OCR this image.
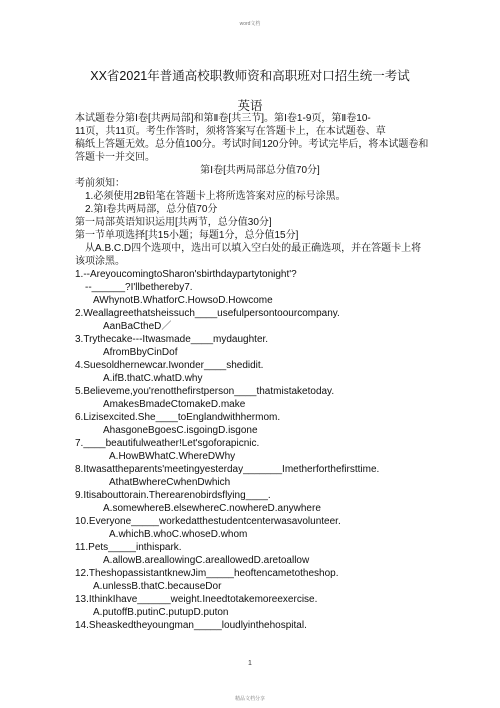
word文档
XX省2021年普通高校职教师资和高职班对口招生统一考试
英语

本试题卷分第Ⅰ卷[共两局部]和第Ⅱ卷[共三节]。第Ⅰ卷1-9页，第Ⅱ卷10-

11页，共11页。考生作答时，须将答案写在答题卡上，在本试题卷、草

稿纸上答题无效。总分值100分。考试时间120分钟。考试完毕后，将本试题卷和

答题卡一并交回。

第Ⅰ卷[共两局部总分值70分]

考前须知：

1.必须使用2B铅笔在答题卡上将所选答案对应的标号涂黑。

2.第Ⅰ卷共两局部，总分值70分

第一局部英语知识运用[共两节，总分值30分]

第一节单项选择[共15小题；每题1分，总分值15分]

从A.B.C.D四个选项中，选出可以填入空白处的最正确选项，并在答题卡上将

该项涂黑。

1.--AreyoucomingtoSharon'sbirthdaypartytonight'?

--______?I'llbethereby7.

AWhynotB.WhatforC.HowsoD.Howcome

2.Weallagreethatsheissuch____usefulpersontoourcompany.

AanBaCtheD／

3.Trythecake---Itwasmade____mydaughter.

AfromBbyCinDof

4.Suesoldhernewcar.Iwonder____shedidit.

A.ifB.thatC.whatD.why

5.Believeme,you'renotthefirstperson____thatmistaketoday.

AmakesBmadeCtomakeD.make

6.Lizisexcited.She____toEnglandwithhermom.

AhasgoneBgoesC.isgoingD.isgone

7.____beautifulweather!Let'sgoforapicnic.

A.HowBWhatC.WhereDWhy

8.Itwasattheparents'meetingyesterday_______Imetherforthefirsttime.

AthatBwhereCwhenDwhich

9.Itisabouttorain.Therearenobirdsflying____.

A.somewhereB.elsewhereC.nowhereD.anywhere

10.Everyone_____workedatthestudentcenterwasavolunteer.

A.whichB.whoC.whoseD.whom

11.Pets_____inthispark.

A.allowB.areallowingC.areallowedD.aretoallow

12.TheshopassistantknewJim_____heoftencametotheshop.

A.unlessB.thatC.becauseDor

13.IthinkIhave______weight.Ineedtotakemoreexercise.

A.putoffB.putinC.putupD.puton

14.Sheaskedtheyoungman_____loudlyinthehospital.

1
精品文档分享
